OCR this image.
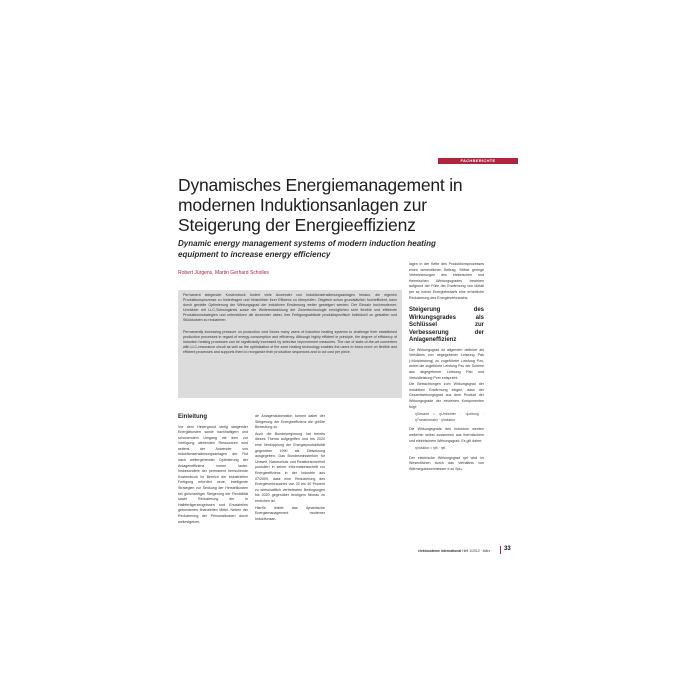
FACHBERICHTE
Dynamisches Energiemanagement in modernen Induktionsanlagen zur Steigerung der Energieeffizienz
Dynamic energy management systems of modern induction heating equipment to increase energy efficiency
Robert Jürgens, Martin Gerhard Scholles

Permanent steigender Kostendruck fordert viele Anwender von Induktionserwärmungsanlagen heraus, die eigenen Produktionsprozesse zu hinterfragen und hinsichtlich ihrer Effizienz zu überprüfen. Obgleich schon grundsätzlich hocheffizient, kann durch gezielte Optimierung der Wirkungsgrad der induktiven Erwärmung weiter gesteigert werden. Der Einsatz hochmoderner, Umrichter mit LLC-Schwingkreis sowie die Weiterentwicklung der Zonentechnologie ermöglichen sehr flexible und effiziente Produktionsstrategien und unterstützen die Anwender dabei, ihre Fertigungsabläufe produktspezifisch individuell zu gestalten und Stückkosten zu reduzieren.

Permanently increasing pressure on production cost forces many users of induction heating systems to challenge their established production processes in regard of energy consumption and efficiency. Although highly efficient in principle, the degree of efficiency of induction heating processes can be significantly increased by selective improvement measures. The use of state-of-the-art converters with LLC-resonance circuit as well as the optimization of the zone heating technology enables the users to focus more on flexible and efficient processes and supports them to reorganize their production sequences and to cut cost per piece.

Einleitung

Vor dem Hintergrund stetig steigender Energiekosten sowie nachhaltigem und schonendem Umgang mit dem zur Verfügung stehenden Ressourcen wird seitens der Anwender von Induktionserwärmungsanlagen der Ruf nach weitergehender Optimierung der Anlageneffizienz immer lauter. Insbesondere der permanent herrschende Kostendruck im Bereich der industriellen Fertigung erfordert neue, intelligente Strategien zur Senkung der Herstellkosten bei gleichzeitiger Steigerung der Flexibilität sowie Reduzierung der in Halbfertigerzeugnissen und Ersatzteilen gebundenen finanziellen Mittel. Neben der Reduzierung der Personalkosten durch weitestgehen-

de Anlagenautomation kommt dabei der Steigerung der Energieeffizienz die größte Bedeutung zu.

Auch die Bundesregierung hat bereits dieses Thema aufgegriffen und bis 2020 eine Verdopplung der Energieproduktivität gegenüber 1990 als Zielsetzung ausgegeben. Das Bundesministerium für Umwelt, Naturschutz und Reaktorsicherheit postuliert in seiner Informationsschrift zur Energieeffizienz in der Industrie aus 07/2009, dass eine Reduzierung des Energieverbrauches von 20 bis 40 Prozent zu wirtschaftlich vertretbaren Bedingungen bis 2020 gegenüber heutigem Niveau zu erreichen ist.

Hierfür leistet das dynamische Energiemanagement moderner Induktionsan-

lagen in der Kette des Produktionsprozesses einen wesentlichen Beitrag. Selbst geringe Verbesserungen des elektrischen und thermischen Wirkungsgrades bewirken aufgrund der Fülle der Erwärmung von Metall per se hohen Energiebedarfs eine erhebliche Reduzierung des Energieverbrauchs.

Steigerung des Wirkungsgrades als Schlüssel zur Verbesserung der Anlageneffizienz

Der Wirkungsgrad ist allgemein definiert als Verhältnis von abgegebener Leistung Pab (=Nutzleistung) zu zugeführter Leistung Pzu, wobei die zugeführte Leistung Pzu der Summe aus abgegebener Leistung Pab und Verlustleistung Pver entspricht.

Die Betrachtungen zum Wirkungsgrad der induktiven Erwärmung zeigen, dass der Gesamtwirkungsgrad aus dem Produkt der Wirkungsgrade der einzelnen Komponenten folgt:

ηGesamt = ηUmrichter · ηLeitung · ηTransformator · ηInduktor

Die Wirkungsgrade des Induktors werden weiterhin selbst zusammen aus thermischem und elektrischem Wirkungsgrad. Es gilt daher:

ηInduktor = ηth · ηel

Der elektrische Wirkungsgrad ηel wird im Wesentlichen durch das Verhältnis von Wärmegutdurchmesser d zu Spu-

elektrowärme international Heft 1/2010 · März 33
